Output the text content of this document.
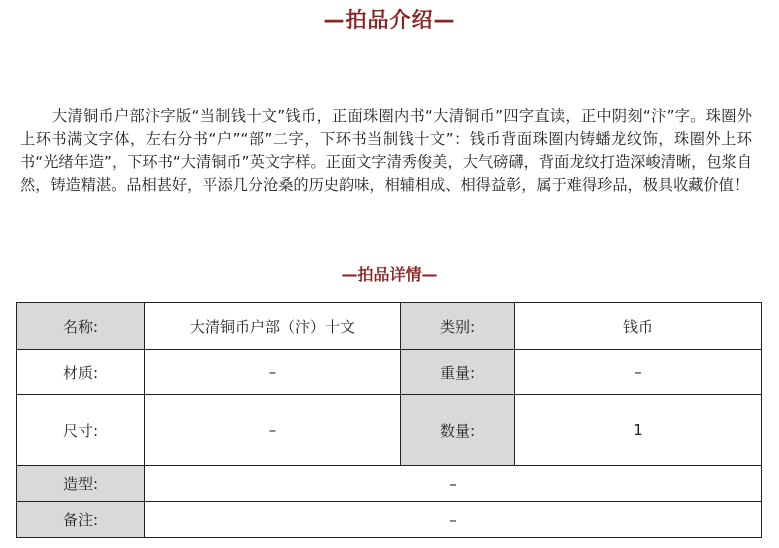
—拍品介绍—

大清铜币户部汴字版“当制钱十文”钱币，正面珠圈内书“大清铜币”四字直读，正中阴刻“汴”字。珠圈外上环书满文字体，左右分书“户”“部”二字，下环书当制钱十文”：钱币背面珠圈内铸蟠龙纹饰，珠圈外上环书“光绪年造”，下环书“大清铜币”英文字样。正面文字清秀俊美，大气磅礴，背面龙纹打造深峻清晰，包浆自然，铸造精湛。品相甚好，平添几分沧桑的历史韵味，相辅相成、相得益彰，属于难得珍品，极具收藏价值！

—拍品详情—
名称:	大清铜币户部（汴）十文	类别:	钱币
材质:	–	重量:	–
尺寸:	–	数量:	1
造型:	–		
备注:	–		
